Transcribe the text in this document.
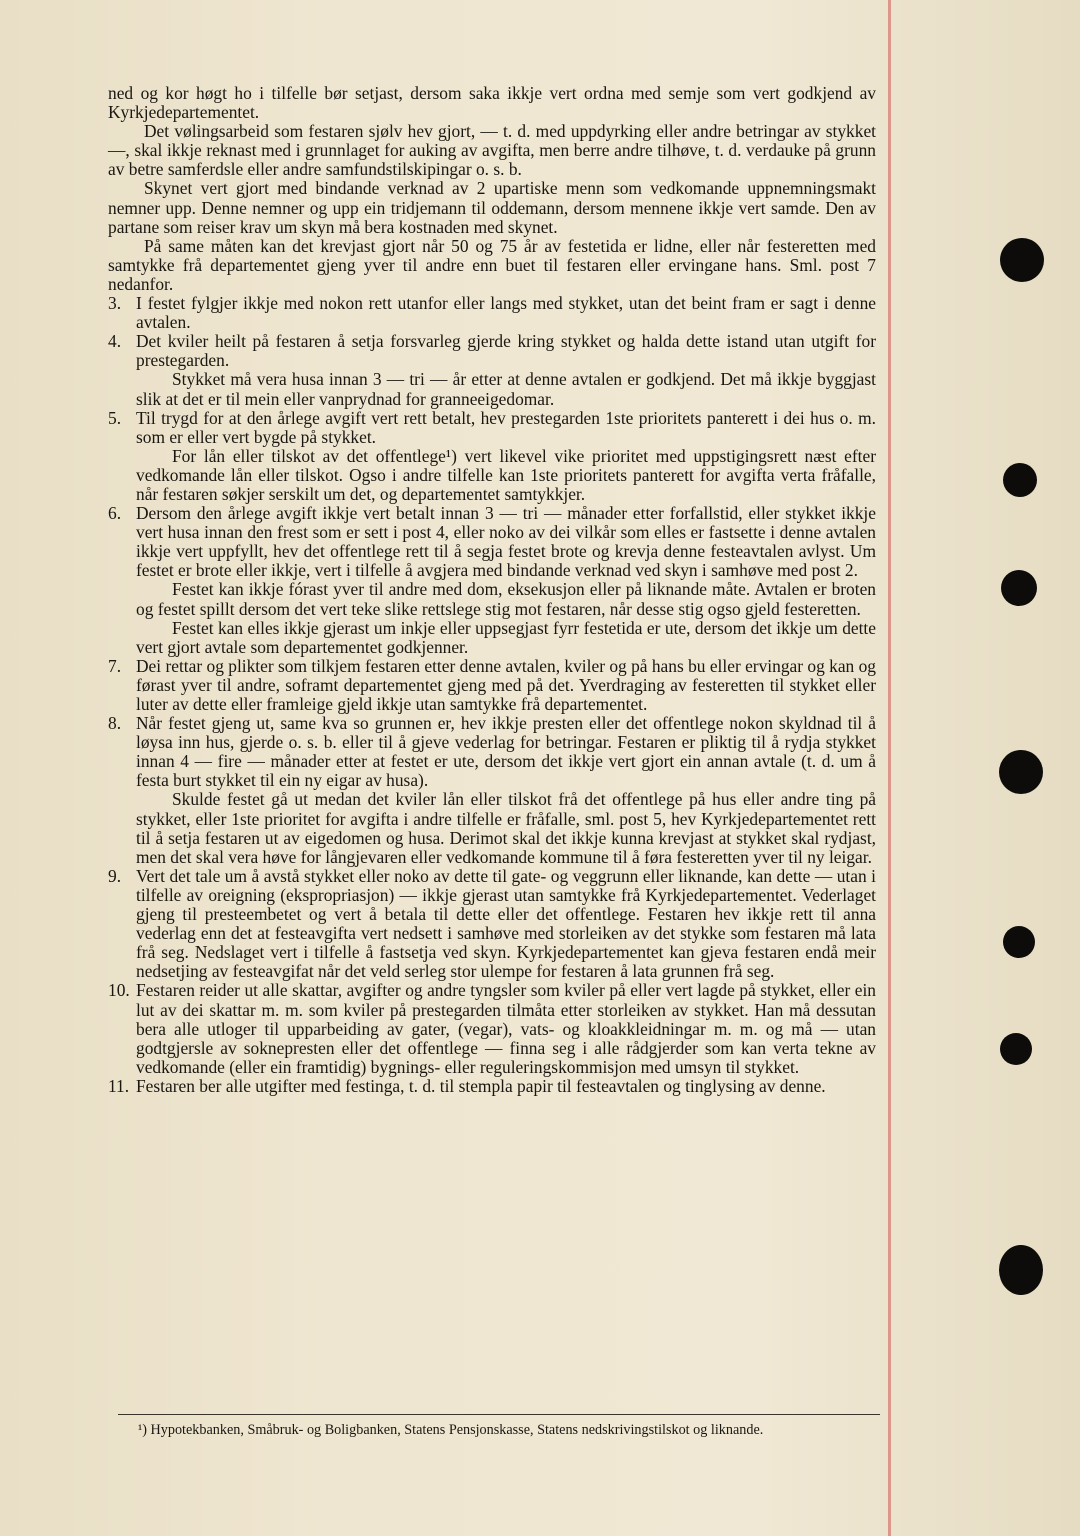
ned og kor høgt ho i tilfelle bør setjast, dersom saka ikkje vert ordna med semje som vert godkjend av Kyrkjedepartementet.

Det vølingsarbeid som festaren sjølv hev gjort, — t. d. med uppdyrking eller andre betringar av stykket —, skal ikkje reknast med i grunnlaget for auking av avgifta, men berre andre tilhøve, t. d. verdauke på grunn av betre samferdsle eller andre samfundstilskipingar o. s. b.

Skynet vert gjort med bindande verknad av 2 upartiske menn som vedkomande uppnemningsmakt nemner upp. Denne nemner og upp ein tridjemann til oddemann, dersom mennene ikkje vert samde. Den av partane som reiser krav um skyn må bera kostnaden med skynet.

På same måten kan det krevjast gjort når 50 og 75 år av festetida er lidne, eller når festeretten med samtykke frå departementet gjeng yver til andre enn buet til festaren eller ervingane hans. Sml. post 7 nedanfor.

3. I festet fylgjer ikkje med nokon rett utanfor eller langs med stykket, utan det beint fram er sagt i denne avtalen.
4. Det kviler heilt på festaren å setja forsvarleg gjerde kring stykket og halda dette istand utan utgift for prestegarden.

Stykket må vera husa innan 3 — tri — år etter at denne avtalen er godkjend. Det må ikkje byggjast slik at det er til mein eller vanprydnad for granneeigedomar.

5. Til trygd for at den årlege avgift vert rett betalt, hev prestegarden 1ste prioritets panterett i dei hus o. m. som er eller vert bygde på stykket.

For lån eller tilskot av det offentlege¹) vert likevel vike prioritet med uppstigingsrett næst efter vedkomande lån eller tilskot. Ogso i andre tilfelle kan 1ste prioritets panterett for avgifta verta fråfalle, når festaren søkjer serskilt um det, og departementet samtykkjer.

6. Dersom den årlege avgift ikkje vert betalt innan 3 — tri — månader etter forfallstid, eller stykket ikkje vert husa innan den frest som er sett i post 4, eller noko av dei vilkår som elles er fastsette i denne avtalen ikkje vert uppfyllt, hev det offentlege rett til å segja festet brote og krevja denne festeavtalen avlyst. Um festet er brote eller ikkje, vert i tilfelle å avgjera med bindande verknad ved skyn i samhøve med post 2.

Festet kan ikkje fórast yver til andre med dom, eksekusjon eller på liknande måte. Avtalen er broten og festet spillt dersom det vert teke slike rettslege stig mot festaren, når desse stig ogso gjeld festeretten.

Festet kan elles ikkje gjerast um inkje eller uppsegjast fyrr festetida er ute, dersom det ikkje um dette vert gjort avtale som departementet godkjenner.

7. Dei rettar og plikter som tilkjem festaren etter denne avtalen, kviler og på hans bu eller ervingar og kan og førast yver til andre, soframt departementet gjeng med på det. Yverdraging av festeretten til stykket eller luter av dette eller framleige gjeld ikkje utan samtykke frå departementet.
8. Når festet gjeng ut, same kva so grunnen er, hev ikkje presten eller det offentlege nokon skyldnad til å løysa inn hus, gjerde o. s. b. eller til å gjeve vederlag for betringar. Festaren er pliktig til å rydja stykket innan 4 — fire — månader etter at festet er ute, dersom det ikkje vert gjort ein annan avtale (t. d. um å festa burt stykket til ein ny eigar av husa).

Skulde festet gå ut medan det kviler lån eller tilskot frå det offentlege på hus eller andre ting på stykket, eller 1ste prioritet for avgifta i andre tilfelle er fråfalle, sml. post 5, hev Kyrkjedepartementet rett til å setja festaren ut av eigedomen og husa. Derimot skal det ikkje kunna krevjast at stykket skal rydjast, men det skal vera høve for långjevaren eller vedkomande kommune til å føra festeretten yver til ny leigar.

9. Vert det tale um å avstå stykket eller noko av dette til gate- og veggrunn eller liknande, kan dette — utan i tilfelle av oreigning (ekspropriasjon) — ikkje gjerast utan samtykke frå Kyrkjedepartementet. Vederlaget gjeng til presteembetet og vert å betala til dette eller det offentlege. Festaren hev ikkje rett til anna vederlag enn det at festeavgifta vert nedsett i samhøve med storleiken av det stykke som festaren må lata frå seg. Nedslaget vert i tilfelle å fastsetja ved skyn. Kyrkjedepartementet kan gjeva festaren endå meir nedsetjing av festeavgifat når det veld serleg stor ulempe for festaren å lata grunnen frå seg.
10. Festaren reider ut alle skattar, avgifter og andre tyngsler som kviler på eller vert lagde på stykket, eller ein lut av dei skattar m. m. som kviler på prestegarden tilmåta etter storleiken av stykket. Han må dessutan bera alle utloger til upparbeiding av gater, (vegar), vats- og kloakkleidningar m. m. og må — utan godtgjersle av soknepresten eller det offentlege — finna seg i alle rådgjerder som kan verta tekne av vedkomande (eller ein framtidig) bygnings- eller reguleringskommisjon med umsyn til stykket.
11. Festaren ber alle utgifter med festinga, t. d. til stempla papir til festeavtalen og tinglysing av denne.
¹) Hypotekbanken, Småbruk- og Boligbanken, Statens Pensjonskasse, Statens nedskrivingstilskot og liknande.
